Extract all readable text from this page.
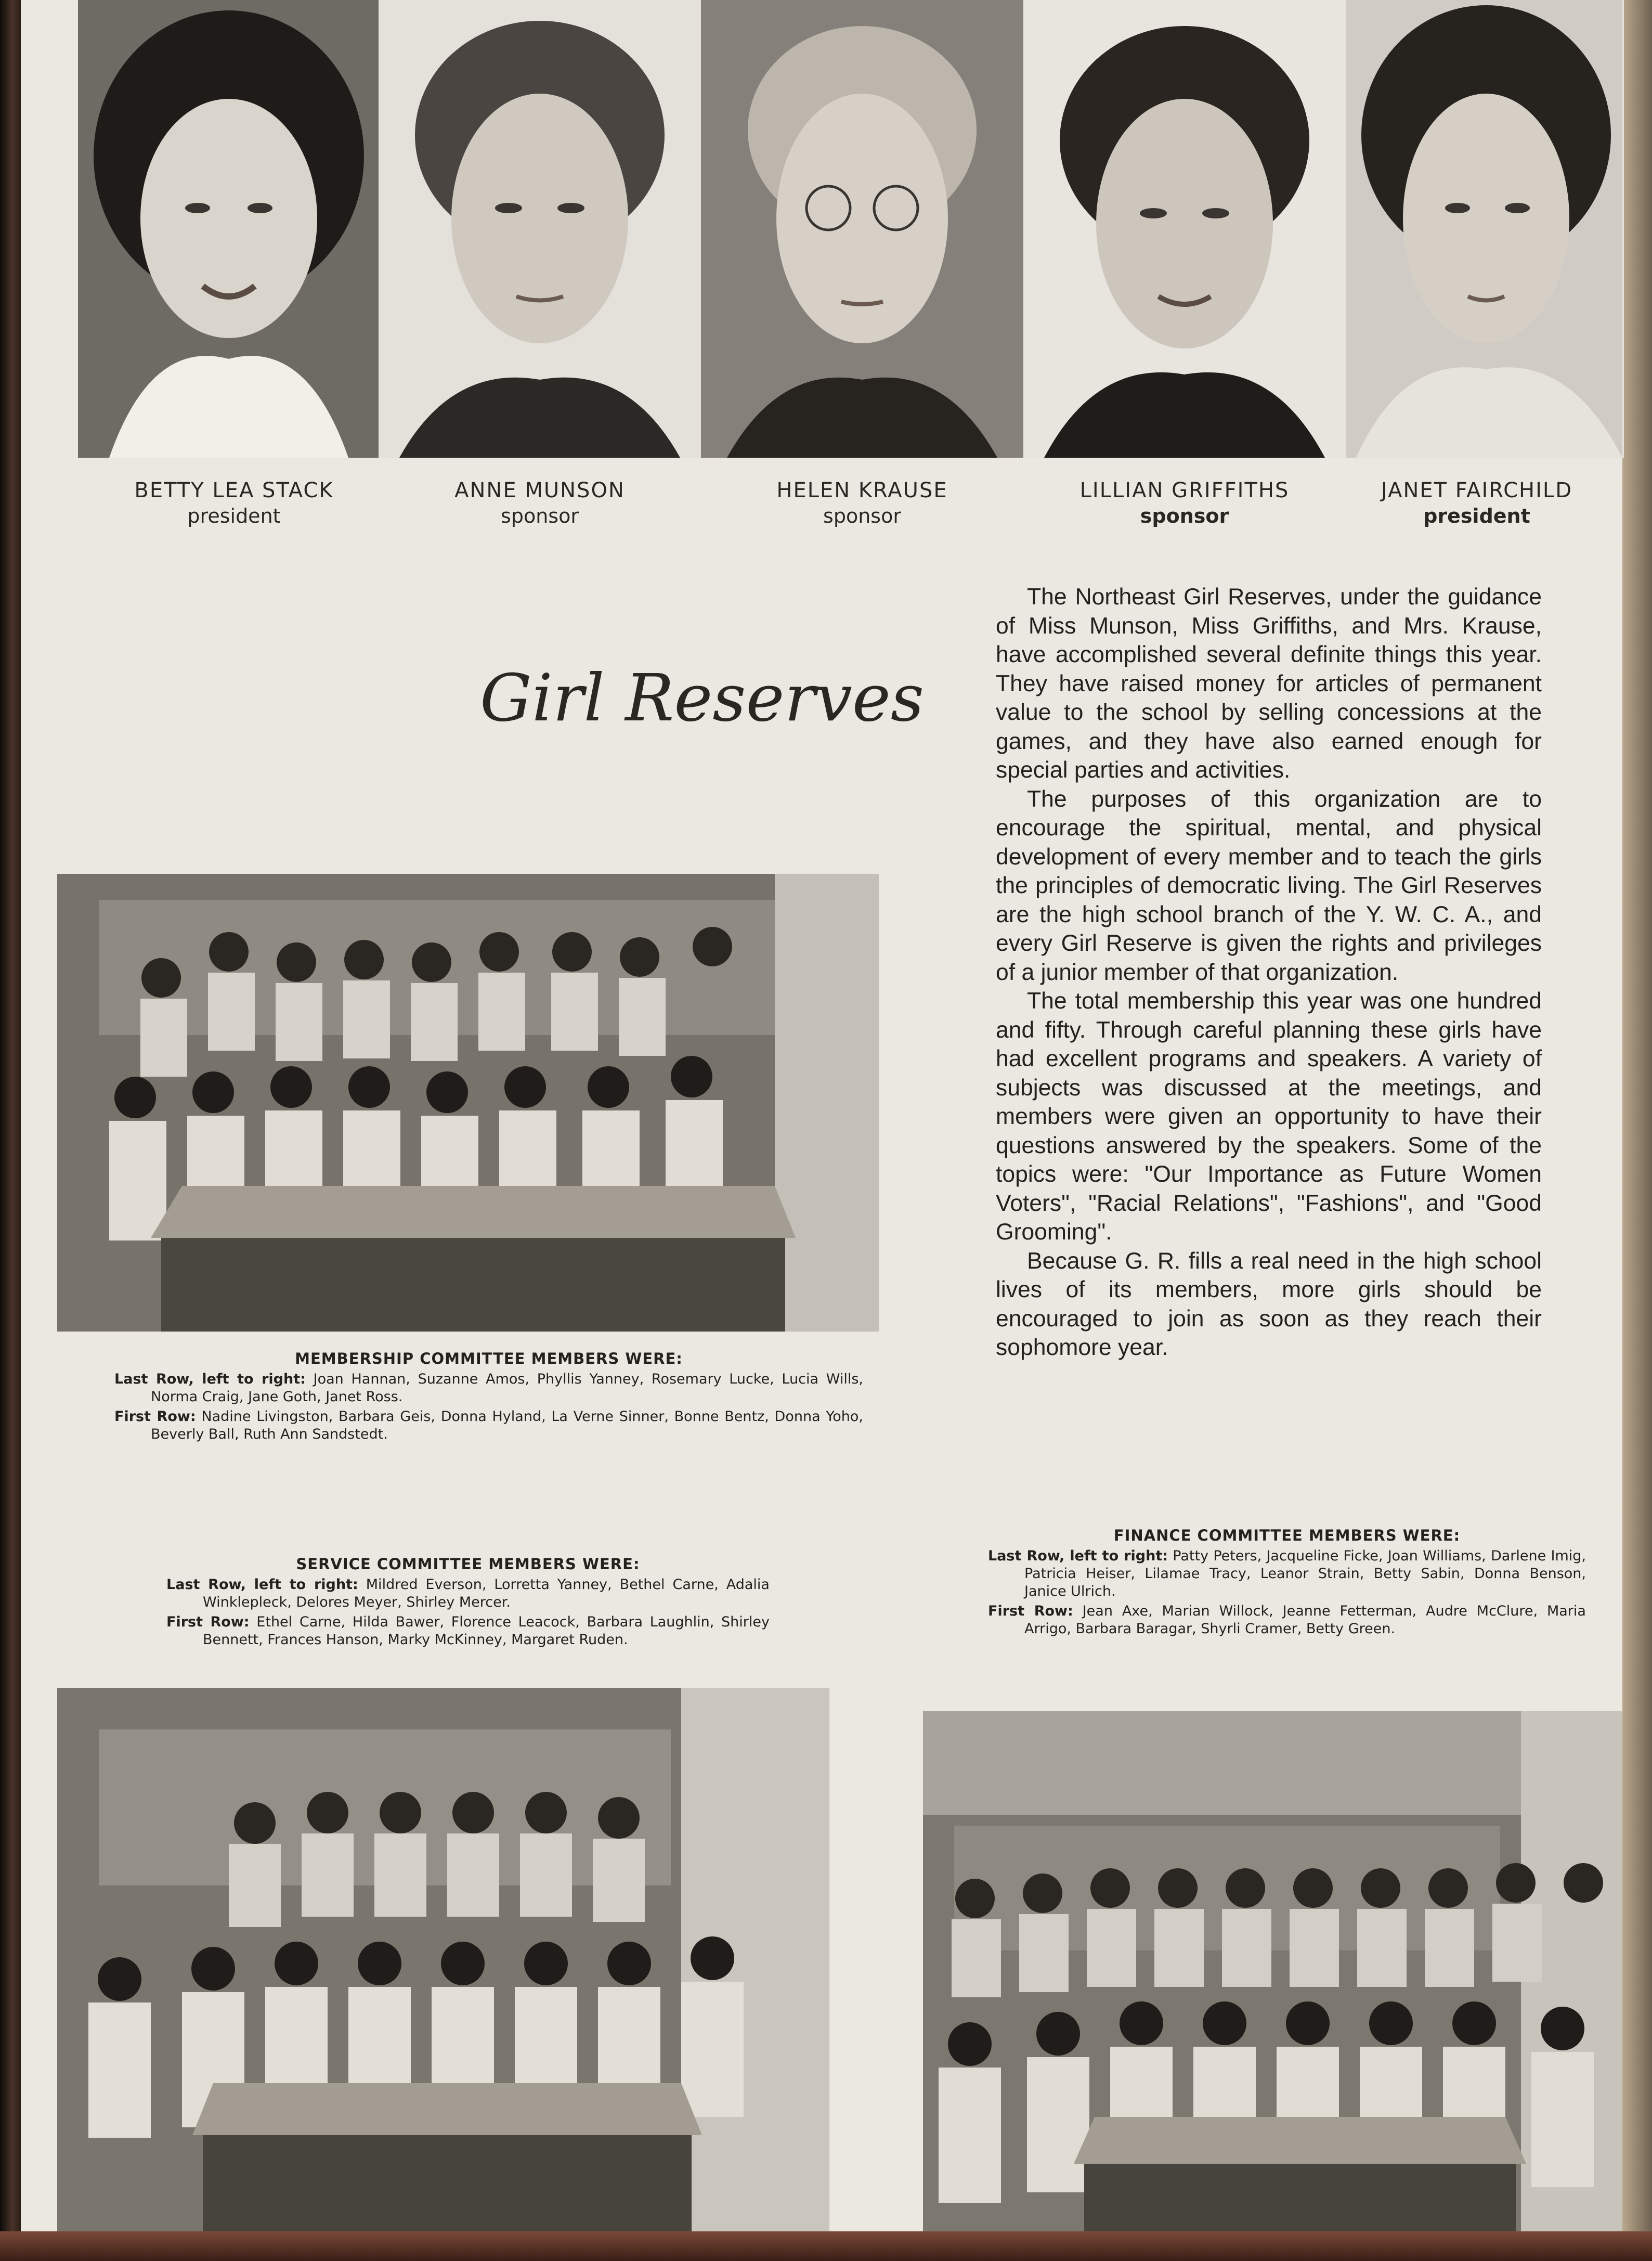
BETTY LEA STACK
president
ANNE MUNSON
sponsor
HELEN KRAUSE
sponsor
LILLIAN GRIFFITHS
sponsor
JANET FAIRCHILD
president
Girl Reserves

The Northeast Girl Reserves, under the guidance of Miss Munson, Miss Griffiths, and Mrs. Krause, have accomplished several definite things this year. They have raised money for articles of permanent value to the school by selling concessions at the games, and they have also earned enough for special parties and activities.

The purposes of this organization are to encourage the spiritual, mental, and physical development of every member and to teach the girls the principles of democratic living. The Girl Reserves are the high school branch of the Y. W. C. A., and every Girl Reserve is given the rights and privileges of a junior member of that organization.

The total membership this year was one hundred and fifty. Through careful planning these girls have had excellent programs and speakers. A variety of subjects was discussed at the meetings, and members were given an opportunity to have their questions answered by the speakers. Some of the topics were: "Our Importance as Future Women Voters", "Racial Relations", "Fashions", and "Good Grooming".

Because G. R. fills a real need in the high school lives of its members, more girls should be encouraged to join as soon as they reach their sophomore year.

MEMBERSHIP COMMITTEE MEMBERS WERE:
Last Row, left to right: Joan Hannan, Suzanne Amos, Phyllis Yanney, Rosemary Lucke, Lucia Wills, Norma Craig, Jane Goth, Janet Ross.
First Row: Nadine Livingston, Barbara Geis, Donna Hyland, La Verne Sinner, Bonne Bentz, Donna Yoho, Beverly Ball, Ruth Ann Sandstedt.
SERVICE COMMITTEE MEMBERS WERE:
Last Row, left to right: Mildred Everson, Lorretta Yanney, Bethel Carne, Adalia Winklepleck, Delores Meyer, Shirley Mercer.
First Row: Ethel Carne, Hilda Bawer, Florence Leacock, Barbara Laughlin, Shirley Bennett, Frances Hanson, Marky McKinney, Margaret Ruden.
FINANCE COMMITTEE MEMBERS WERE:
Last Row, left to right: Patty Peters, Jacqueline Ficke, Joan Williams, Darlene Imig, Patricia Heiser, Lilamae Tracy, Leanor Strain, Betty Sabin, Donna Benson, Janice Ulrich.
First Row: Jean Axe, Marian Willock, Jeanne Fetterman, Audre McClure, Maria Arrigo, Barbara Baragar, Shyrli Cramer, Betty Green.
